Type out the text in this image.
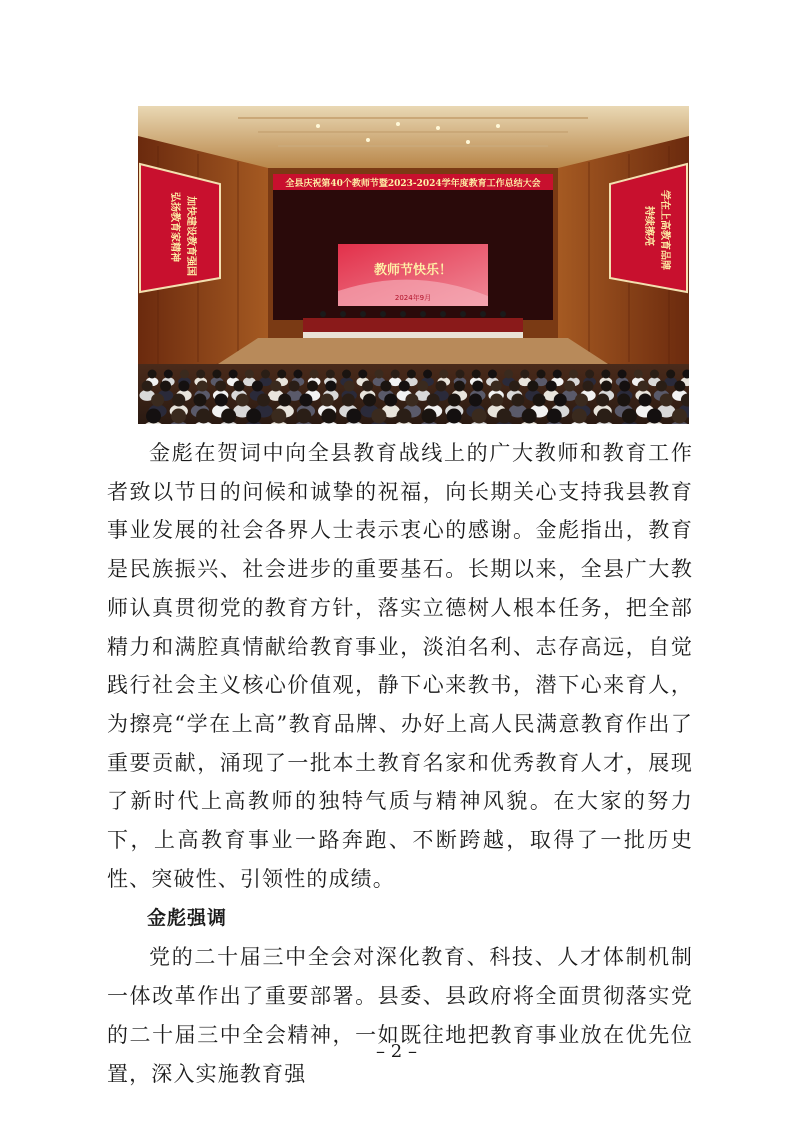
全县庆祝第40个教师节暨2023-2024学年度教育工作总结大会
教师节快乐！
2024年9月
加快建设教育强国
弘扬教育家精神	学在上高教育品牌
持续擦亮

金彪在贺词中向全县教育战线上的广大教师和教育工作者致以节日的问候和诚挚的祝福，向长期关心支持我县教育事业发展的社会各界人士表示衷心的感谢。金彪指出，教育是民族振兴、社会进步的重要基石。长期以来，全县广大教师认真贯彻党的教育方针，落实立德树人根本任务，把全部精力和满腔真情献给教育事业，淡泊名利、志存高远，自觉践行社会主义核心价值观，静下心来教书，潜下心来育人，为擦亮“学在上高”教育品牌、办好上高人民满意教育作出了重要贡献，涌现了一批本土教育名家和优秀教育人才，展现了新时代上高教师的独特气质与精神风貌。在大家的努力下，上高教育事业一路奔跑、不断跨越，取得了一批历史性、突破性、引领性的成绩。

金彪强调

党的二十届三中全会对深化教育、科技、人才体制机制一体改革作出了重要部署。县委、县政府将全面贯彻落实党的二十届三中全会精神，一如既往地把教育事业放在优先位置，深入实施教育强

– 2 –
